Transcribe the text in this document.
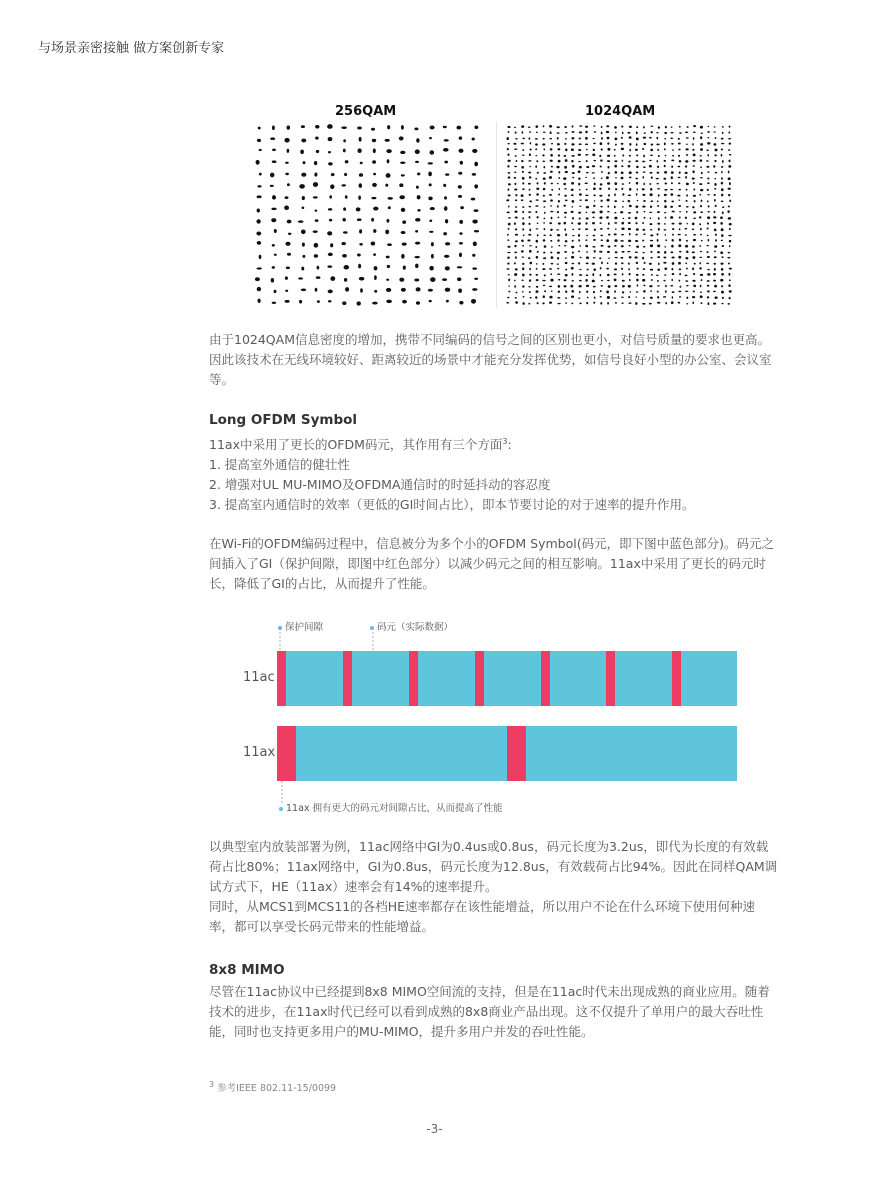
与场景亲密接触 做方案创新专家
256QAM	1024QAM

由于1024QAM信息密度的增加，携带不同编码的信号之间的区别也更小，对信号质量的要求也更高。因此该技术在无线环境较好、距离较近的场景中才能充分发挥优势，如信号良好小型的办公室、会议室等。

Long OFDM Symbol
11ax中采用了更长的OFDM码元，其作用有三个方面$^3$:
1. 提高室外通信的健壮性
2. 增强对UL MU-MIMO及OFDMA通信时的时延抖动的容忍度
3. 提高室内通信时的效率（更低的GI时间占比），即本节要讨论的对于速率的提升作用。

在Wi-Fi的OFDM编码过程中，信息被分为多个小的OFDM Symbol(码元，即下图中蓝色部分)。码元之间插入了GI（保护间隙，即图中红色部分）以减少码元之间的相互影响。11ax中采用了更长的码元时长，降低了GI的占比，从而提升了性能。

保护间隙	码元（实际数据）
11ac
11ax
11ax 拥有更大的码元对间隙占比，从而提高了性能

以典型室内放装部署为例，11ac网络中GI为0.4us或0.8us，码元长度为3.2us，即代为长度的有效载荷占比80%；11ax网络中，GI为0.8us，码元长度为12.8us，有效载荷占比94%。因此在同样QAM调试方式下，HE（11ax）速率会有14%的速率提升。

同时，从MCS1到MCS11的各档HE速率都存在该性能增益，所以用户不论在什么环境下使用何种速率，都可以享受长码元带来的性能增益。

8x8 MIMO

尽管在11ac协议中已经提到8x8 MIMO空间流的支持，但是在11ac时代未出现成熟的商业应用。随着技术的进步，在11ax时代已经可以看到成熟的8x8商业产品出现。这不仅提升了单用户的最大吞吐性能，同时也支持更多用户的MU-MIMO，提升多用户并发的吞吐性能。

$^3$ 参考IEEE 802.11-15/0099
-3-
